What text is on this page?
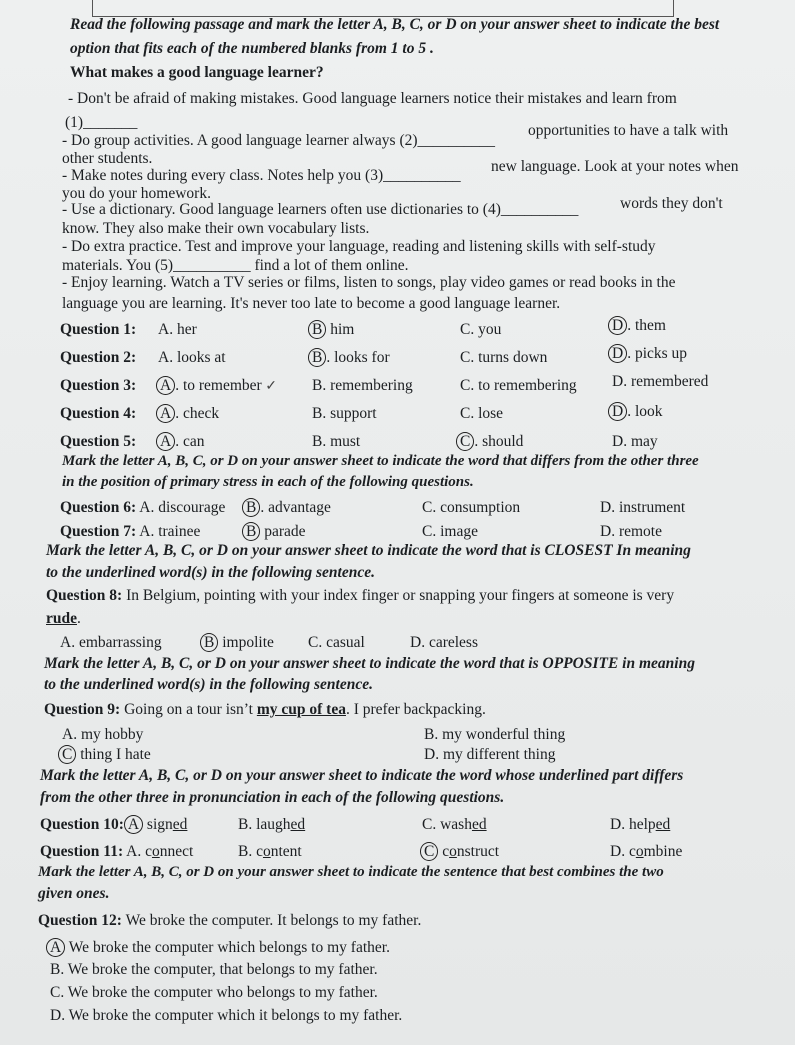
Read the following passage and mark the letter A, B, C, or D on your answer sheet to indicate the best
option that fits each of the numbered blanks from 1 to 5 .
What makes a good language learner?
- Don't be afraid of making mistakes. Good language learners notice their mistakes and learn from
(1)_______
- Do group activities. A good language learner always (2)__________
opportunities to have a talk with
other students.
- Make notes during every class. Notes help you (3)__________
new language. Look at your notes when
you do your homework.
- Use a dictionary. Good language learners often use dictionaries to (4)__________	words they don't
know. They also make their own vocabulary lists.
- Do extra practice. Test and improve your language, reading and listening skills with self-study
materials. You (5)__________ find a lot of them online.
- Enjoy learning. Watch a TV series or films, listen to songs, play video games or read books in the
language you are learning. It's never too late to become a good language learner.
Question 1: A. her	B him	C. you	D . them
Question 2: A. looks at	B . looks for	C. turns down	D . picks up
Question 3: A . to remember ✓ B. remembering	C. to remembering D. remembered
Question 4: A . check	B. support	C. lose	D . look
Question 5: A . can	B. must	C . should	D. may
Mark the letter A, B, C, or D on your answer sheet to indicate the word that differs from the other three
in the position of primary stress in each of the following questions.
Question 6: A. discourage B . advantage	C. consumption	D. instrument
Question 7: A. trainee	B parade	C. image	D. remote
Mark the letter A, B, C, or D on your answer sheet to indicate the word that is CLOSEST In meaning
to the underlined word(s) in the following sentence.
Question 8: In Belgium, pointing with your index finger or snapping your fingers at someone is very
rude.
A. embarrassing	B impolite C. casual	D. careless
Mark the letter A, B, C, or D on your answer sheet to indicate the word that is OPPOSITE in meaning
to the underlined word(s) in the following sentence.
Question 9: Going on a tour isn’t my cup of tea. I prefer backpacking.
A. my hobby	B. my wonderful thing
C thing I hate	D. my different thing
Mark the letter A, B, C, or D on your answer sheet to indicate the word whose underlined part differs
from the other three in pronunciation in each of the following questions.
Question 10: A signed	B. laughed	C. washed	D. helped
Question 11: A. connect	B. content	C construct	D. combine
Mark the letter A, B, C, or D on your answer sheet to indicate the sentence that best combines the two
given ones.
Question 12: We broke the computer. It belongs to my father.
A We broke the computer which belongs to my father.
B. We broke the computer, that belongs to my father.
C. We broke the computer who belongs to my father.
D. We broke the computer which it belongs to my father.
